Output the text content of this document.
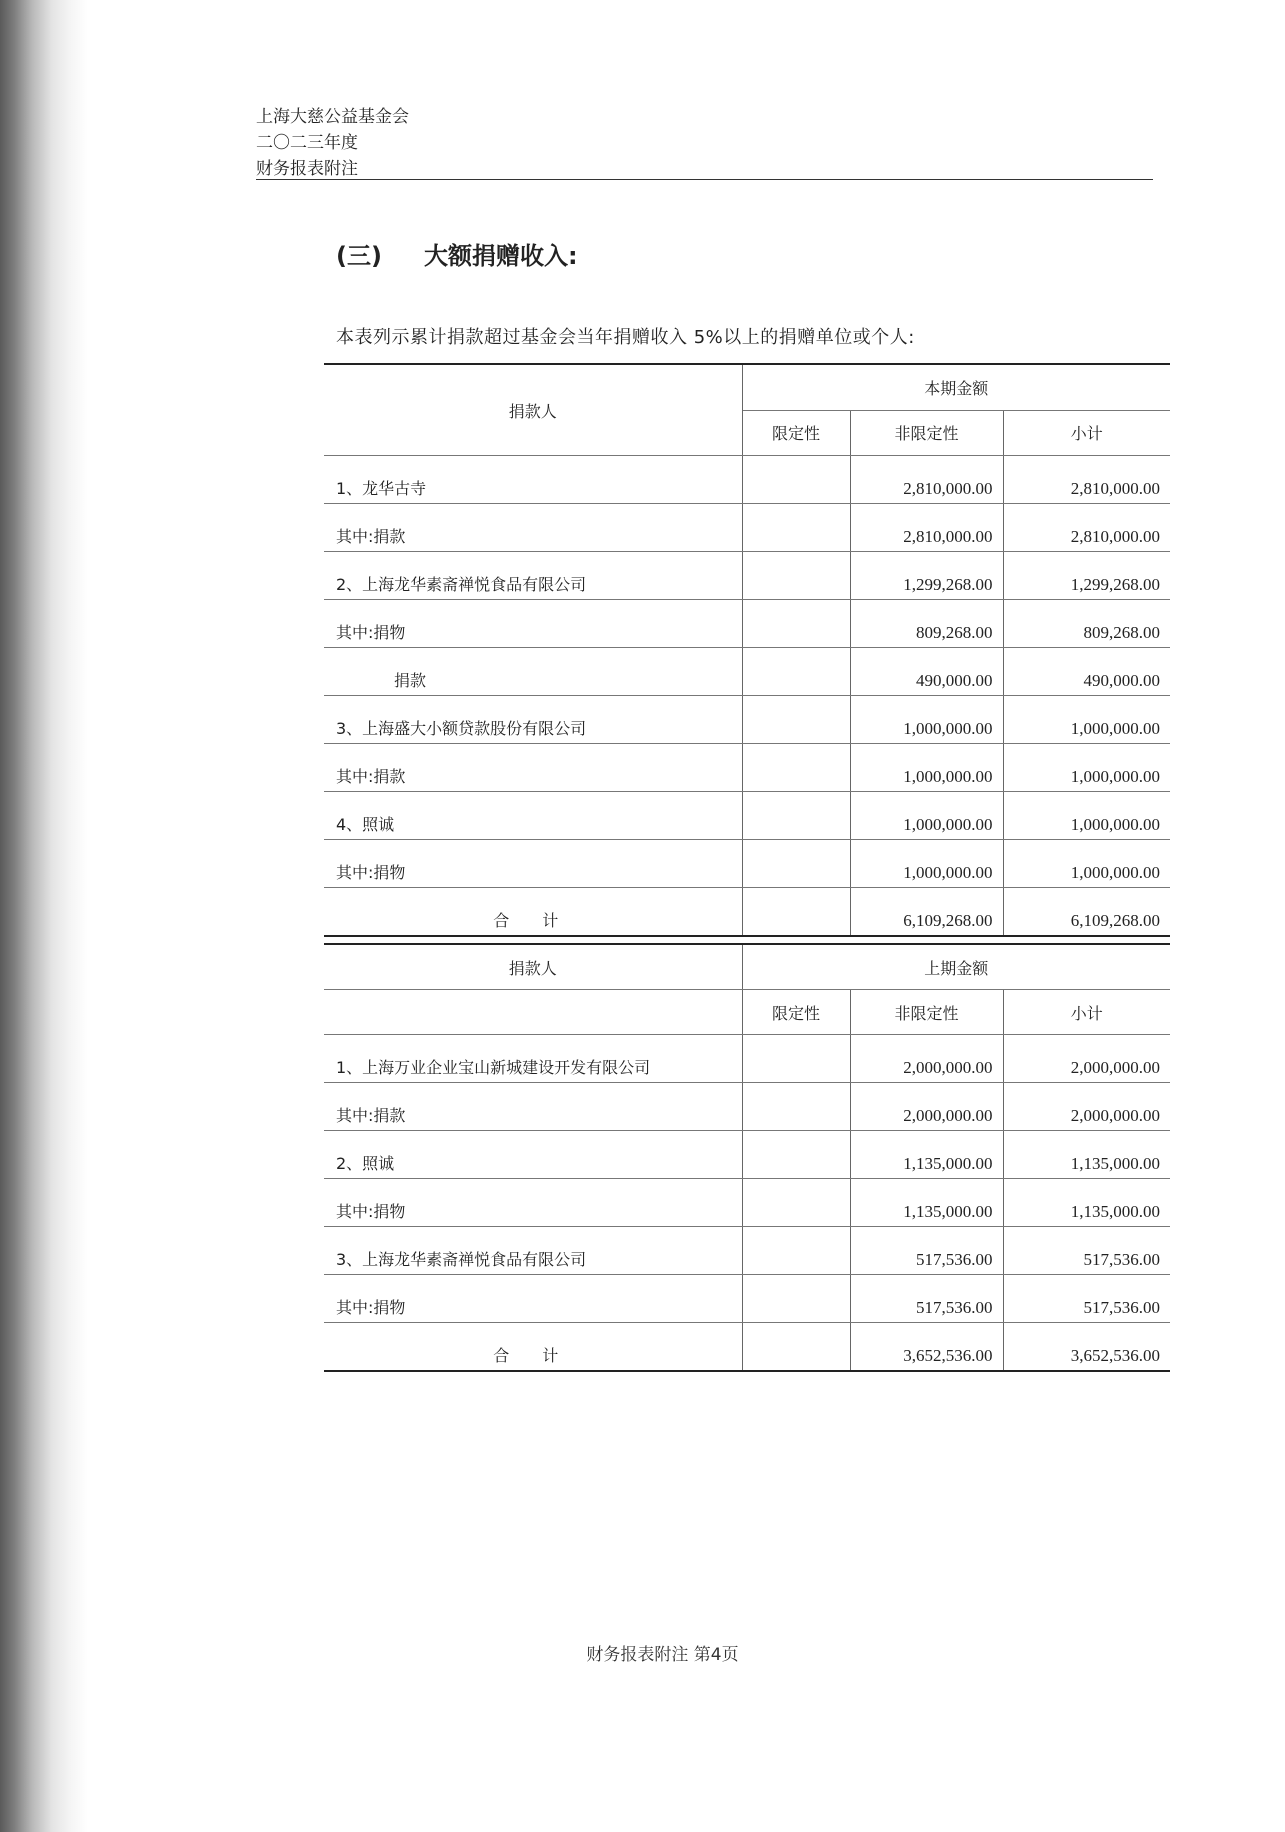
上海大慈公益基金会
二〇二三年度
财务报表附注
(三) 大额捐赠收入:
本表列示累计捐款超过基金会当年捐赠收入 5%以上的捐赠单位或个人:
捐款人	本期金额		
	限定性	非限定性	小计
1、龙华古寺		2,810,000.00	2,810,000.00
其中:捐款		2,810,000.00	2,810,000.00
2、上海龙华素斋禅悦食品有限公司		1,299,268.00	1,299,268.00
其中:捐物		809,268.00	809,268.00
捐款		490,000.00	490,000.00
3、上海盛大小额贷款股份有限公司		1,000,000.00	1,000,000.00
其中:捐款		1,000,000.00	1,000,000.00
4、照诚		1,000,000.00	1,000,000.00
其中:捐物		1,000,000.00	1,000,000.00
合 计		6,109,268.00	6,109,268.00
捐款人	上期金额		
	限定性	非限定性	小计
1、上海万业企业宝山新城建设开发有限公司		2,000,000.00	2,000,000.00
其中:捐款		2,000,000.00	2,000,000.00
2、照诚		1,135,000.00	1,135,000.00
其中:捐物		1,135,000.00	1,135,000.00
3、上海龙华素斋禅悦食品有限公司		517,536.00	517,536.00
其中:捐物		517,536.00	517,536.00
合 计		3,652,536.00	3,652,536.00
财务报表附注 第4页
